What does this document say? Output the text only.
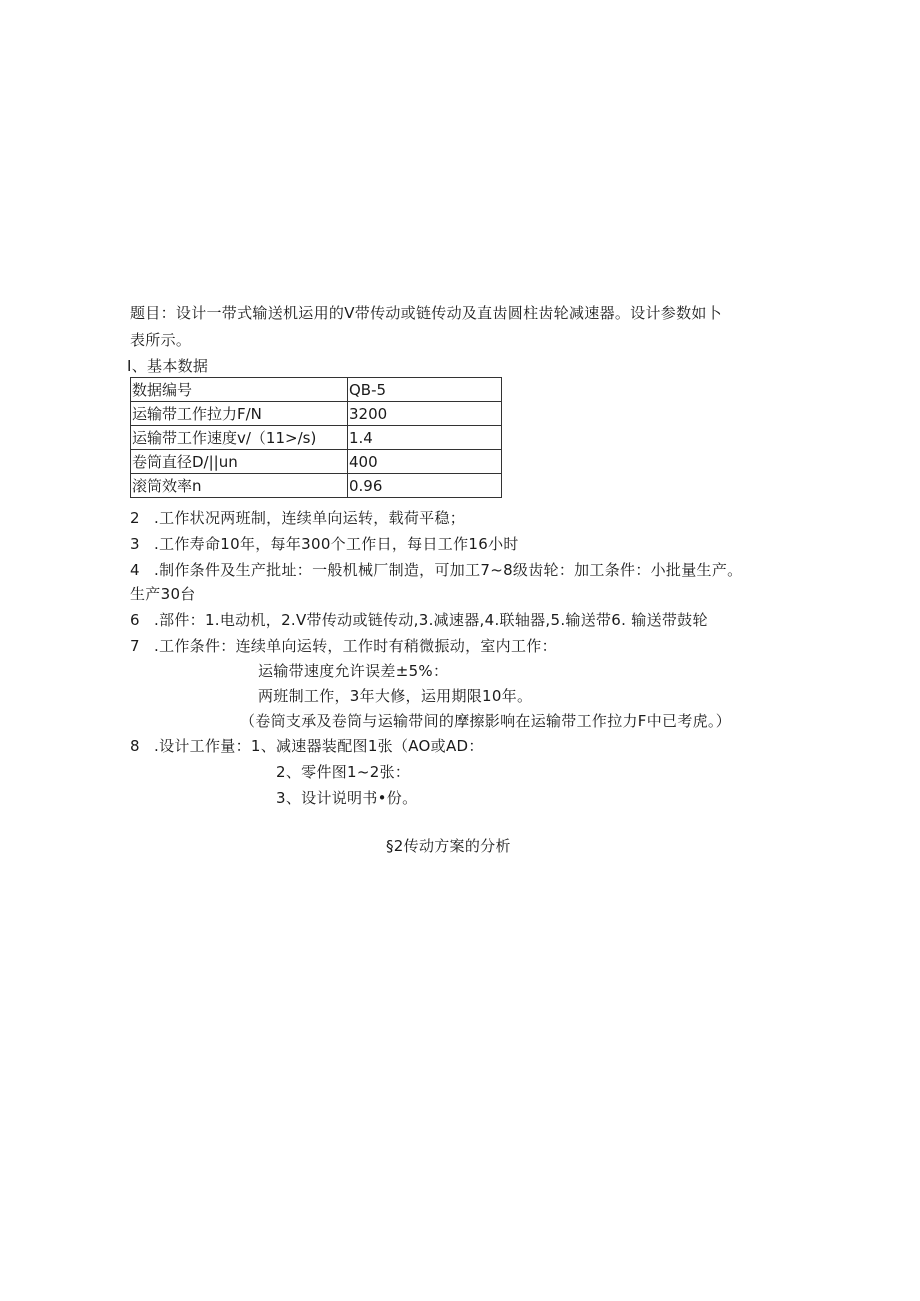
题目：设计一带式输送机运用的V带传动或链传动及直齿圆柱齿轮减速器。设计参数如卜
表所示。
I、基本数据
数据编号	QB-5
运输带工作拉力F/N	3200
运输带工作速度v/（11>/s)	1.4
卷筒直径D/||un	400
滚筒效率n	0.96
2 .工作状况两班制，连续单向运转，载荷平稳；
3 .工作寿命10年，每年300个工作日，每日工作16小时
4 .制作条件及生产批址：一般机械厂制造，可加工7~8级齿轮：加工条件：小批量生产。
生产30台
6 .部件：1.电动机，2.V带传动或链传动,3.减速器,4.联轴器,5.输送带6. 输送带鼓轮
7 .工作条件：连续单向运转，工作时有稍微振动，室内工作：
运输带速度允许误差±5%：
两班制工作，3年大修，运用期限10年。
（卷筒支承及卷筒与运输带间的摩擦影响在运输带工作拉力F中已考虎。）
8 .设计工作量：1、减速器装配图1张（AO或AD：
2、零件图1~2张：
3、设计说明书•份。
§2传动方案的分析
